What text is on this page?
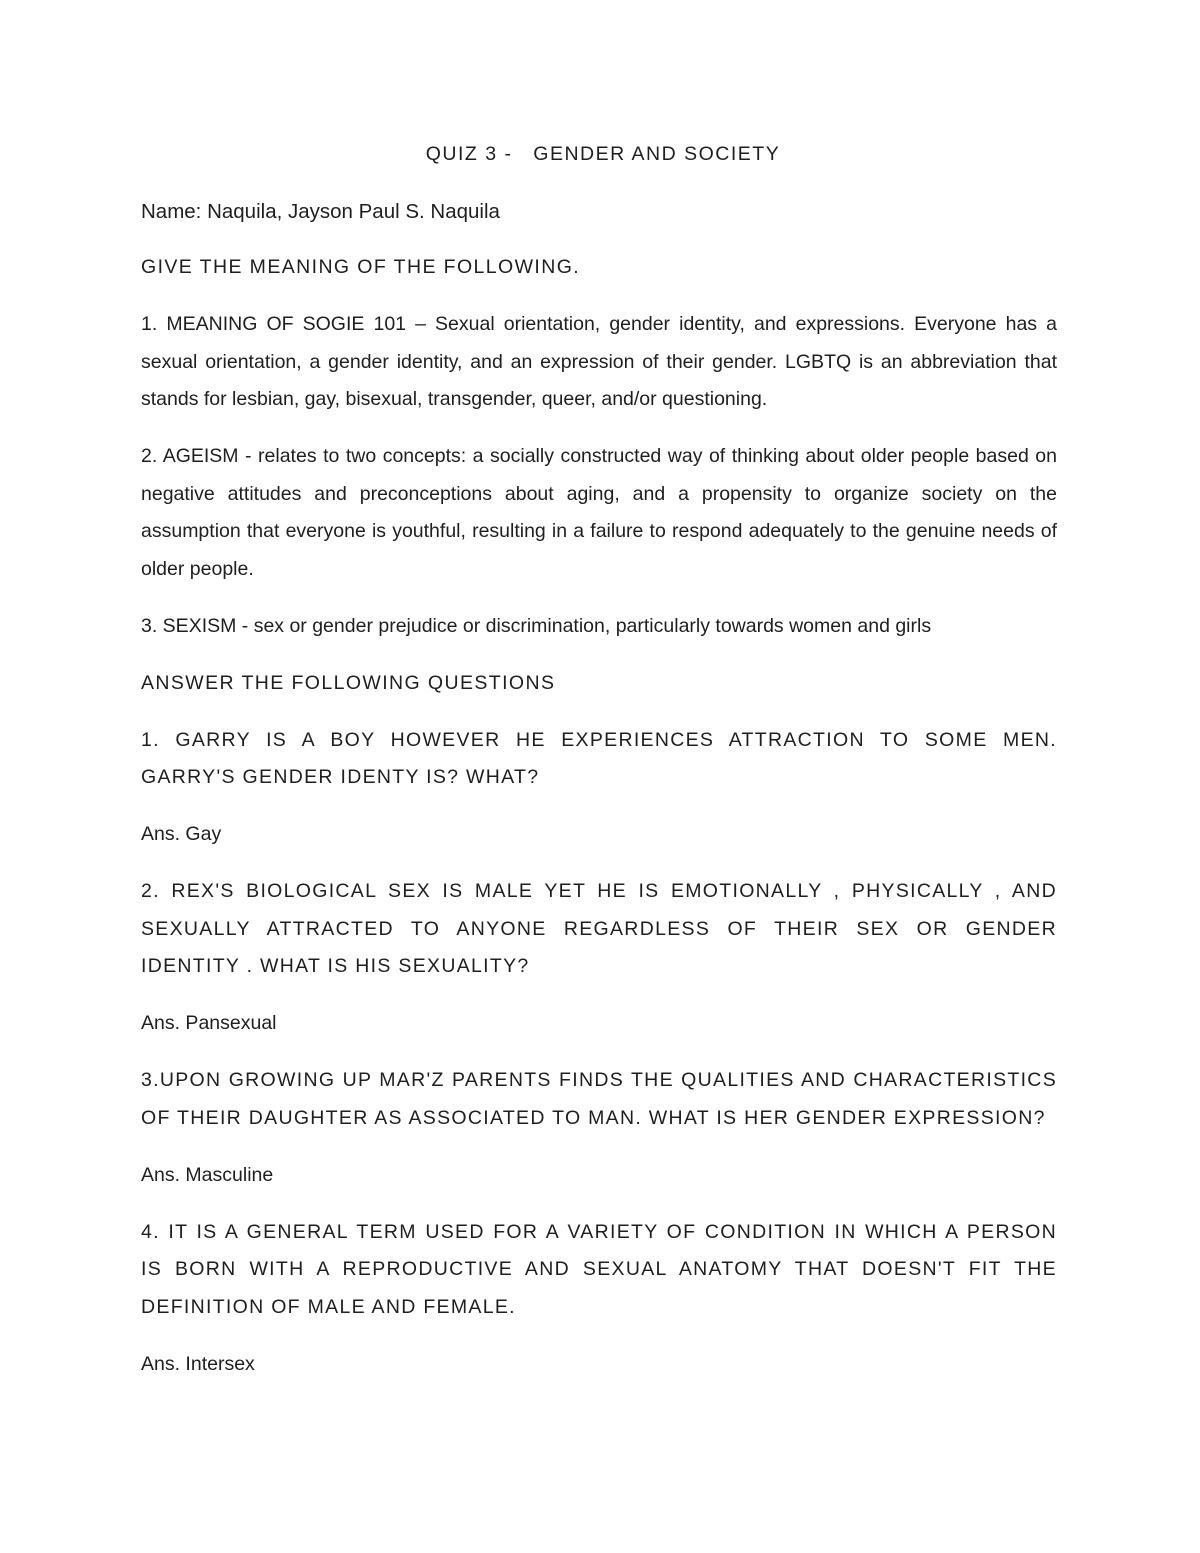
QUIZ 3 -   GENDER AND SOCIETY

Name: Naquila, Jayson Paul S. Naquila

GIVE THE MEANING OF THE FOLLOWING.

1. MEANING OF SOGIE 101 – Sexual orientation, gender identity, and expressions. Everyone has a sexual orientation, a gender identity, and an expression of their gender. LGBTQ is an abbreviation that stands for lesbian, gay, bisexual, transgender, queer, and/or questioning.

2. AGEISM - relates to two concepts: a socially constructed way of thinking about older people based on negative attitudes and preconceptions about aging, and a propensity to organize society on the assumption that everyone is youthful, resulting in a failure to respond adequately to the genuine needs of older people.

3. SEXISM - sex or gender prejudice or discrimination, particularly towards women and girls

ANSWER THE FOLLOWING QUESTIONS

1. GARRY IS A BOY HOWEVER HE EXPERIENCES ATTRACTION TO SOME MEN. GARRY'S GENDER IDENTY IS? WHAT?

Ans. Gay

2. REX'S BIOLOGICAL SEX IS MALE YET HE IS EMOTIONALLY , PHYSICALLY , AND SEXUALLY ATTRACTED TO ANYONE REGARDLESS OF THEIR SEX OR GENDER IDENTITY . WHAT IS HIS SEXUALITY?

Ans. Pansexual

3.UPON GROWING UP MAR'Z PARENTS FINDS THE QUALITIES AND CHARACTERISTICS OF THEIR DAUGHTER AS ASSOCIATED TO MAN. WHAT IS HER GENDER EXPRESSION?

Ans. Masculine

4. IT IS A GENERAL TERM USED FOR A VARIETY OF CONDITION IN WHICH A PERSON IS BORN WITH A REPRODUCTIVE AND SEXUAL ANATOMY THAT DOESN'T FIT THE DEFINITION OF MALE AND FEMALE.

Ans. Intersex
